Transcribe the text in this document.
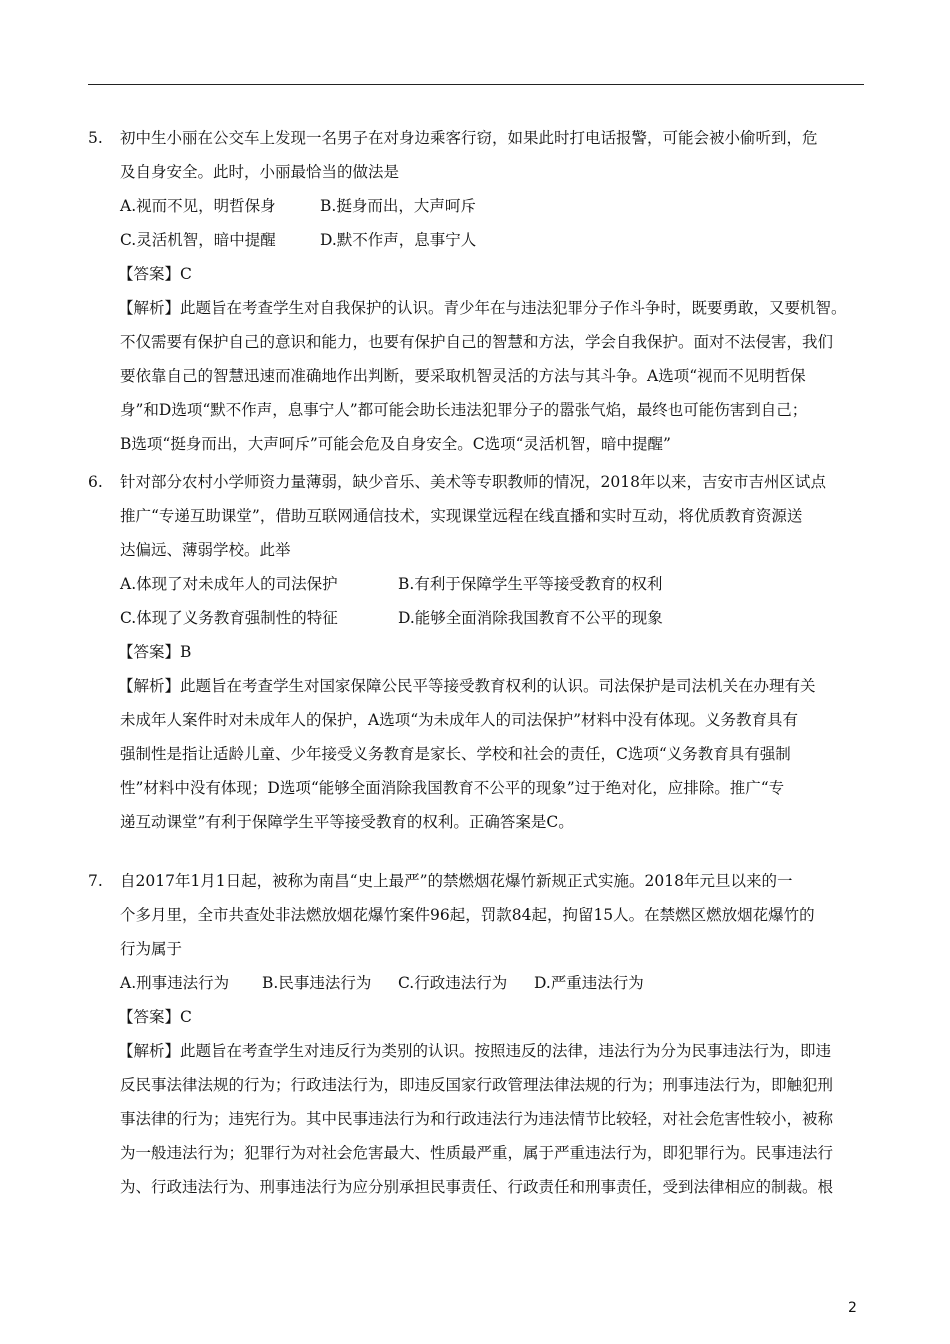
5. 初中生小丽在公交车上发现一名男子在对身边乘客行窃，如果此时打电话报警，可能会被小偷听到，危
及自身安全。此时，小丽最恰当的做法是
A.视而不见，明哲保身	B.挺身而出，大声呵斥
C.灵活机智，暗中提醒	D.默不作声，息事宁人
【答案】C
【解析】此题旨在考查学生对自我保护的认识。青少年在与违法犯罪分子作斗争时，既要勇敢，又要机智。
不仅需要有保护自己的意识和能力，也要有保护自己的智慧和方法，学会自我保护。面对不法侵害，我们
要依靠自己的智慧迅速而准确地作出判断，要采取机智灵活的方法与其斗争。A选项“视而不见明哲保
身”和D选项“默不作声，息事宁人”都可能会助长违法犯罪分子的嚣张气焰，最终也可能伤害到自己；
B选项“挺身而出，大声呵斥”可能会危及自身安全。C选项“灵活机智，暗中提醒”
6. 针对部分农村小学师资力量薄弱，缺少音乐、美术等专职教师的情况，2018年以来，吉安市吉州区试点
推广“专递互助课堂”，借助互联网通信技术，实现课堂远程在线直播和实时互动，将优质教育资源送
达偏远、薄弱学校。此举
A.体现了对未成年人的司法保护	B.有利于保障学生平等接受教育的权利
C.体现了义务教育强制性的特征	D.能够全面消除我国教育不公平的现象
【答案】B
【解析】此题旨在考查学生对国家保障公民平等接受教育权利的认识。司法保护是司法机关在办理有关
未成年人案件时对未成年人的保护，A选项“为未成年人的司法保护”材料中没有体现。义务教育具有
强制性是指让适龄儿童、少年接受义务教育是家长、学校和社会的责任，C选项“义务教育具有强制
性”材料中没有体现；D选项“能够全面消除我国教育不公平的现象”过于绝对化，应排除。推广“专
递互动课堂”有利于保障学生平等接受教育的权利。正确答案是C。
7. 自2017年1月1日起，被称为南昌“史上最严”的禁燃烟花爆竹新规正式实施。2018年元旦以来的一
个多月里，全市共查处非法燃放烟花爆竹案件96起，罚款84起，拘留15人。在禁燃区燃放烟花爆竹的
行为属于
A.刑事违法行为 B.民事违法行为 C.行政违法行为 D.严重违法行为
【答案】C
【解析】此题旨在考查学生对违反行为类别的认识。按照违反的法律，违法行为分为民事违法行为，即违
反民事法律法规的行为；行政违法行为，即违反国家行政管理法律法规的行为；刑事违法行为，即触犯刑
事法律的行为；违宪行为。其中民事违法行为和行政违法行为违法情节比较轻，对社会危害性较小，被称
为一般违法行为；犯罪行为对社会危害最大、性质最严重，属于严重违法行为，即犯罪行为。民事违法行
为、行政违法行为、刑事违法行为应分别承担民事责任、行政责任和刑事责任，受到法律相应的制裁。根
2
